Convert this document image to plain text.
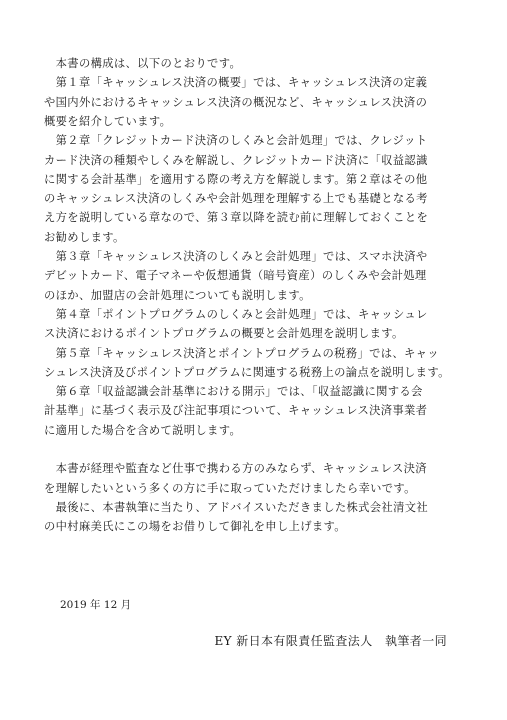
　本書の構成は、以下のとおりです。
　第１章「キャッシュレス決済の概要」では、キャッシュレス決済の定義
や国内外におけるキャッシュレス決済の概況など、キャッシュレス決済の
概要を紹介しています。
　第２章「クレジットカード決済のしくみと会計処理」では、クレジット
カード決済の種類やしくみを解説し、クレジットカード決済に「収益認識
に関する会計基準」を適用する際の考え方を解説します。第２章はその他
のキャッシュレス決済のしくみや会計処理を理解する上でも基礎となる考
え方を説明している章なので、第３章以降を読む前に理解しておくことを
お勧めします。
　第３章「キャッシュレス決済のしくみと会計処理」では、スマホ決済や
デビットカード、電子マネーや仮想通貨（暗号資産）のしくみや会計処理
のほか、加盟店の会計処理についても説明します。
　第４章「ポイントプログラムのしくみと会計処理」では、キャッシュレ
ス決済におけるポイントプログラムの概要と会計処理を説明します。
　第５章「キャッシュレス決済とポイントプログラムの税務」では、キャッ
シュレス決済及びポイントプログラムに関連する税務上の論点を説明します。
　第６章「収益認識会計基準における開示」では、「収益認識に関する会
計基準」に基づく表示及び注記事項について、キャッシュレス決済事業者
に適用した場合を含めて説明します。
　本書が経理や監査など仕事で携わる方のみならず、キャッシュレス決済
を理解したいという多くの方に手に取っていただけましたら幸いです。
　最後に、本書執筆に当たり、アドバイスいただきました株式会社清文社
の中村麻美氏にこの場をお借りして御礼を申し上げます。
2019 年 12 月
EY 新日本有限責任監査法人　執筆者一同
